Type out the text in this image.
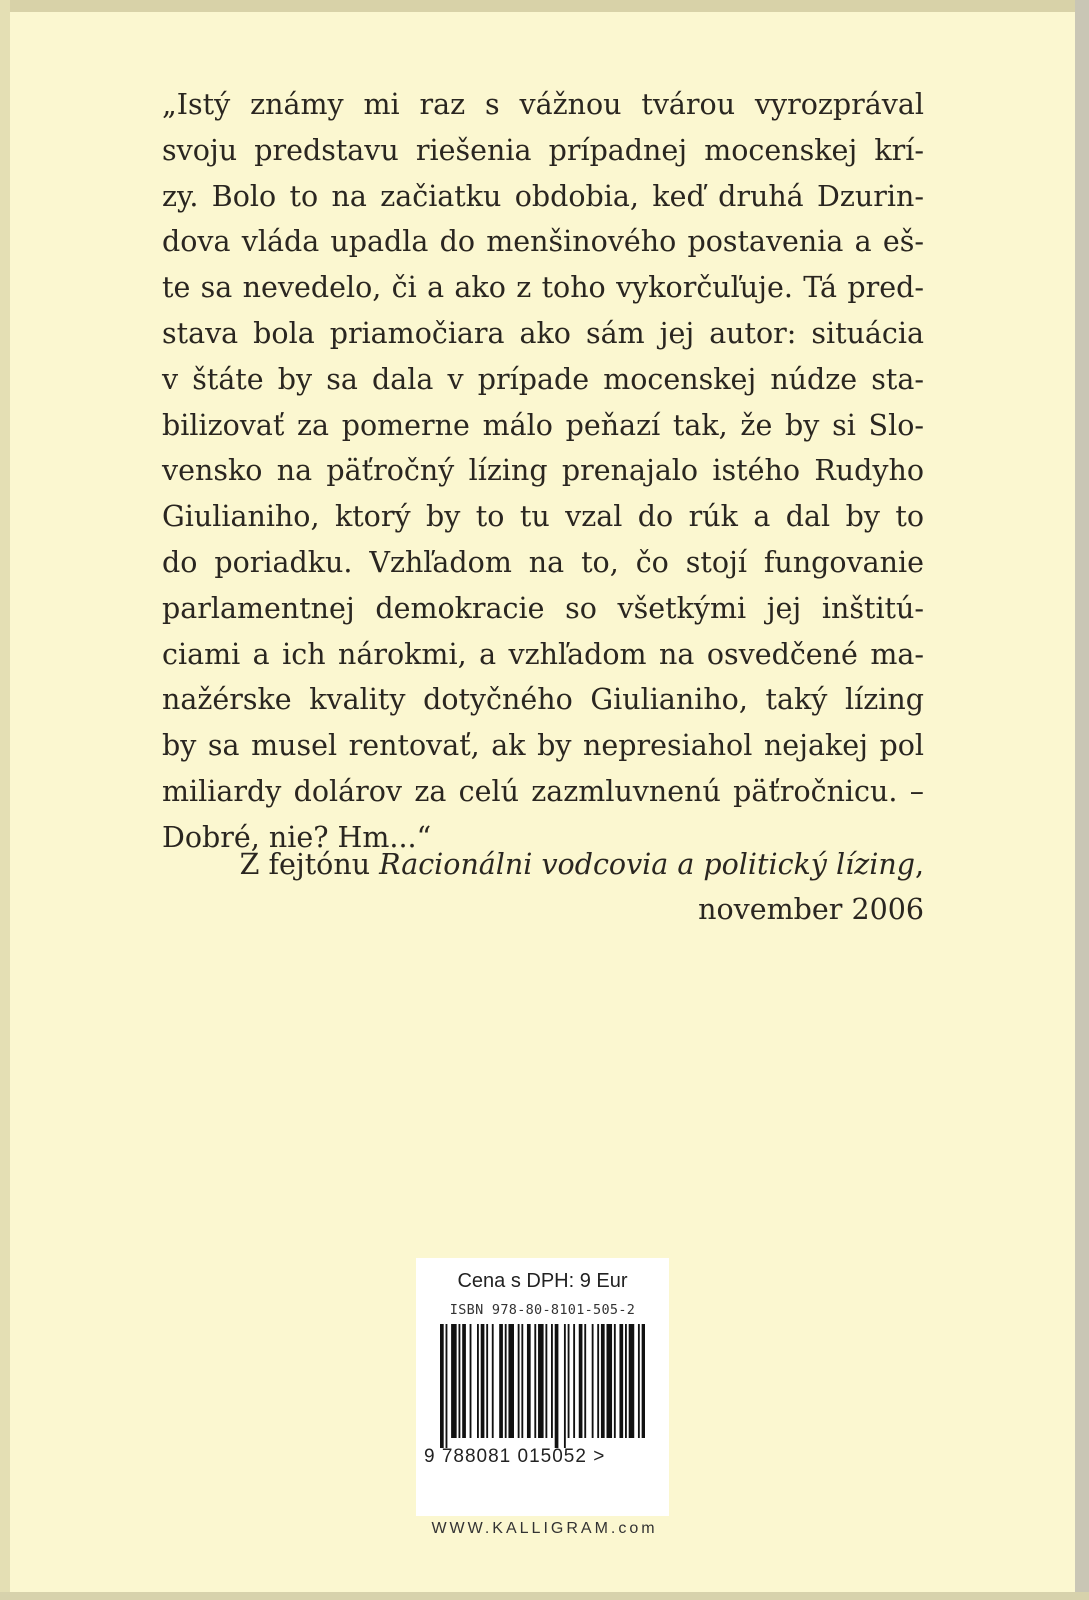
„Istý známy mi raz s vážnou tvárou vyrozprával
svoju predstavu riešenia prípadnej mocenskej krí-
zy. Bolo to na začiatku obdobia, keď druhá Dzurin-
dova vláda upadla do menšinového postavenia a eš-
te sa nevedelo, či a ako z toho vykorčuľuje. Tá pred-
stava bola priamočiara ako sám jej autor: situácia
v štáte by sa dala v prípade mocenskej núdze sta-
bilizovať za pomerne málo peňazí tak, že by si Slo-
vensko na päťročný lízing prenajalo istého Rudyho
Giulianiho, ktorý by to tu vzal do rúk a dal by to
do poriadku. Vzhľadom na to, čo stojí fungovanie
parlamentnej demokracie so všetkými jej inštitú-
ciami a ich nárokmi, a vzhľadom na osvedčené ma-
nažérske kvality dotyčného Giulianiho, taký lízing
by sa musel rentovať, ak by nepresiahol nejakej pol
miliardy dolárov za celú zazmluvnenú päťročnicu. –
Dobré, nie? Hm...“
Z fejtónu Racionálni vodcovia a politický lízing,
november 2006
Cena s DPH: 9 Eur
ISBN 978-80-8101-505-2
9 788081 015052 >
WWW.KALLIGRAM.com
